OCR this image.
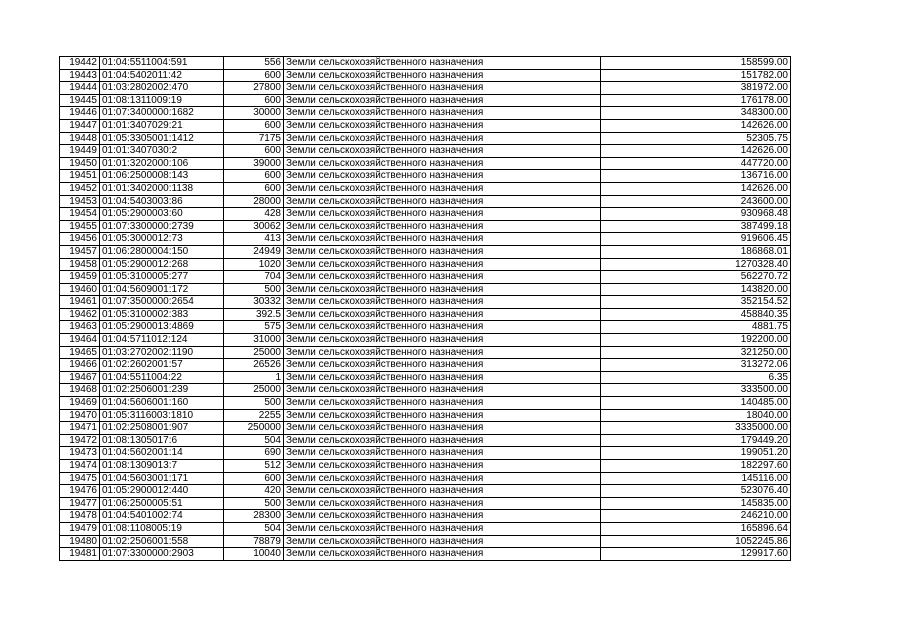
19442	01:04:5511004:591	556	Земли сельскохозяйственного назначения	158599.00
19443	01:04:5402011:42	600	Земли сельскохозяйственного назначения	151782.00
19444	01:03:2802002:470	27800	Земли сельскохозяйственного назначения	381972.00
19445	01:08:1311009:19	600	Земли сельскохозяйственного назначения	176178.00
19446	01:07:3400000:1682	30000	Земли сельскохозяйственного назначения	348300.00
19447	01:01:3407029:21	600	Земли сельскохозяйственного назначения	142626.00
19448	01:05:3305001:1412	7175	Земли сельскохозяйственного назначения	52305.75
19449	01:01:3407030:2	600	Земли сельскохозяйственного назначения	142626.00
19450	01:01:3202000:106	39000	Земли сельскохозяйственного назначения	447720.00
19451	01:06:2500008:143	600	Земли сельскохозяйственного назначения	136716.00
19452	01:01:3402000:1138	600	Земли сельскохозяйственного назначения	142626.00
19453	01:04:5403003:86	28000	Земли сельскохозяйственного назначения	243600.00
19454	01:05:2900003:60	428	Земли сельскохозяйственного назначения	930968.48
19455	01:07:3300000:2739	30062	Земли сельскохозяйственного назначения	387499.18
19456	01:05:3000012:73	413	Земли сельскохозяйственного назначения	919606.45
19457	01:06:2800004:150	24949	Земли сельскохозяйственного назначения	186868.01
19458	01:05:2900012:268	1020	Земли сельскохозяйственного назначения	1270328.40
19459	01:05:3100005:277	704	Земли сельскохозяйственного назначения	562270.72
19460	01:04:5609001:172	500	Земли сельскохозяйственного назначения	143820.00
19461	01:07:3500000:2654	30332	Земли сельскохозяйственного назначения	352154.52
19462	01:05:3100002:383	392.5	Земли сельскохозяйственного назначения	458840.35
19463	01:05:2900013:4869	575	Земли сельскохозяйственного назначения	4881.75
19464	01:04:5711012:124	31000	Земли сельскохозяйственного назначения	192200.00
19465	01:03:2702002:1190	25000	Земли сельскохозяйственного назначения	321250.00
19466	01:02:2602001:57	26526	Земли сельскохозяйственного назначения	313272.06
19467	01:04:5511004:22	1	Земли сельскохозяйственного назначения	6.35
19468	01:02:2506001:239	25000	Земли сельскохозяйственного назначения	333500.00
19469	01:04:5606001:160	500	Земли сельскохозяйственного назначения	140485.00
19470	01:05:3116003:1810	2255	Земли сельскохозяйственного назначения	18040.00
19471	01:02:2508001:907	250000	Земли сельскохозяйственного назначения	3335000.00
19472	01:08:1305017:6	504	Земли сельскохозяйственного назначения	179449.20
19473	01:04:5602001:14	690	Земли сельскохозяйственного назначения	199051.20
19474	01:08:1309013:7	512	Земли сельскохозяйственного назначения	182297.60
19475	01:04:5603001:171	600	Земли сельскохозяйственного назначения	145116.00
19476	01:05:2900012:440	420	Земли сельскохозяйственного назначения	523076.40
19477	01:06:2500005:51	500	Земли сельскохозяйственного назначения	145835.00
19478	01:04:5401002:74	28300	Земли сельскохозяйственного назначения	246210.00
19479	01:08:1108005:19	504	Земли сельскохозяйственного назначения	165896.64
19480	01:02:2506001:558	78879	Земли сельскохозяйственного назначения	1052245.86
19481	01:07:3300000:2903	10040	Земли сельскохозяйственного назначения	129917.60
